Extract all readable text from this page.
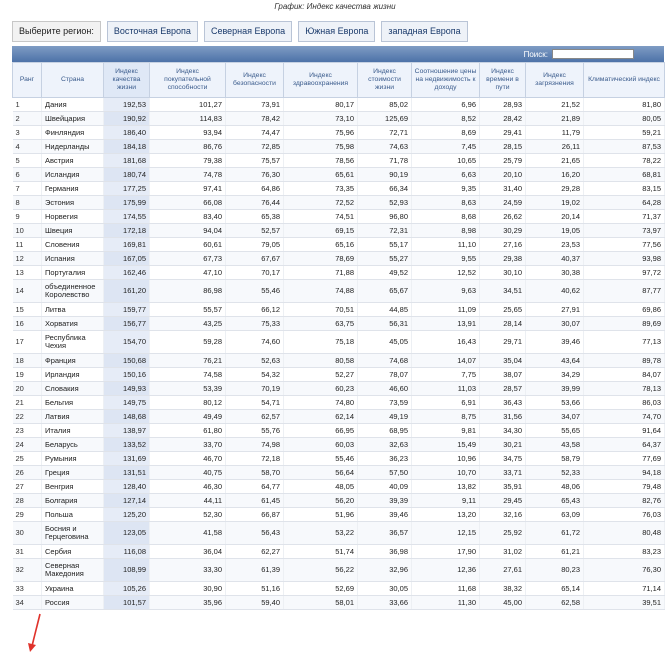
График: Индекс качества жизни
Выберите регион:	Восточная Европа	Северная Европа	Южная Европа	западная Европа
Поиск:
Ранг	Страна	Индекс качества жизни	Индекс покупательной способности	Индекс безопасности	Индекс здравоохранения	Индекс стоимости жизни	Соотношение цены на недвижимость к доходу	Индекс времени в пути	Индекс загрязнения	Климатический индекс
1	Дания	192,53	101,27	73,91	80,17	85,02	6,96	28,93	21,52	81,80
2	Швейцария	190,92	114,83	78,42	73,10	125,69	8,52	28,42	21,89	80,05
3	Финляндия	186,40	93,94	74,47	75,96	72,71	8,69	29,41	11,79	59,21
4	Нидерланды	184,18	86,76	72,85	75,98	74,63	7,45	28,15	26,11	87,53
5	Австрия	181,68	79,38	75,57	78,56	71,78	10,65	25,79	21,65	78,22
6	Исландия	180,74	74,78	76,30	65,61	90,19	6,63	20,10	16,20	68,81
7	Германия	177,25	97,41	64,86	73,35	66,34	9,35	31,40	29,28	83,15
8	Эстония	175,99	66,08	76,44	72,52	52,93	8,63	24,59	19,02	64,28
9	Норвегия	174,55	83,40	65,38	74,51	96,80	8,68	26,62	20,14	71,37
10	Швеция	172,18	94,04	52,57	69,15	72,31	8,98	30,29	19,05	73,97
11	Словения	169,81	60,61	79,05	65,16	55,17	11,10	27,16	23,53	77,56
12	Испания	167,05	67,73	67,67	78,69	55,27	9,55	29,38	40,37	93,98
13	Португалия	162,46	47,10	70,17	71,88	49,52	12,52	30,10	30,38	97,72
14	объединенное Королевство	161,20	86,98	55,46	74,88	65,67	9,63	34,51	40,62	87,77
15	Литва	159,77	55,57	66,12	70,51	44,85	11,09	25,65	27,91	69,86
16	Хорватия	156,77	43,25	75,33	63,75	56,31	13,91	28,14	30,07	89,69
17	Республика Чехия	154,70	59,28	74,60	75,18	45,05	16,43	29,71	39,46	77,13
18	Франция	150,68	76,21	52,63	80,58	74,68	14,07	35,04	43,64	89,78
19	Ирландия	150,16	74,58	54,32	52,27	78,07	7,75	38,07	34,29	84,07
20	Словакия	149,93	53,39	70,19	60,23	46,60	11,03	28,57	39,99	78,13
21	Бельгия	149,75	80,12	54,71	74,80	73,59	6,91	36,43	53,66	86,03
22	Латвия	148,68	49,49	62,57	62,14	49,19	8,75	31,56	34,07	74,70
23	Италия	138,97	61,80	55,76	66,95	68,95	9,81	34,30	55,65	91,64
24	Беларусь	133,52	33,70	74,98	60,03	32,63	15,49	30,21	43,58	64,37
25	Румыния	131,69	46,70	72,18	55,46	36,23	10,96	34,75	58,79	77,69
26	Греция	131,51	40,75	58,70	56,64	57,50	10,70	33,71	52,33	94,18
27	Венгрия	128,40	46,30	64,77	48,05	40,09	13,82	35,91	48,06	79,48
28	Болгария	127,14	44,11	61,45	56,20	39,39	9,11	29,45	65,43	82,76
29	Польша	125,20	52,30	66,87	51,96	39,46	13,20	32,16	63,09	76,03
30	Босния и Герцеговина	123,05	41,58	56,43	53,22	36,57	12,15	25,92	61,72	80,48
31	Сербия	116,08	36,04	62,27	51,74	36,98	17,90	31,02	61,21	83,23
32	Северная Македония	108,99	33,30	61,39	56,22	32,96	12,36	27,61	80,23	76,30
33	Украина	105,26	30,90	51,16	52,69	30,05	11,68	38,32	65,14	71,14
34	Россия	101,57	35,96	59,40	58,01	33,66	11,30	45,00	62,58	39,51
